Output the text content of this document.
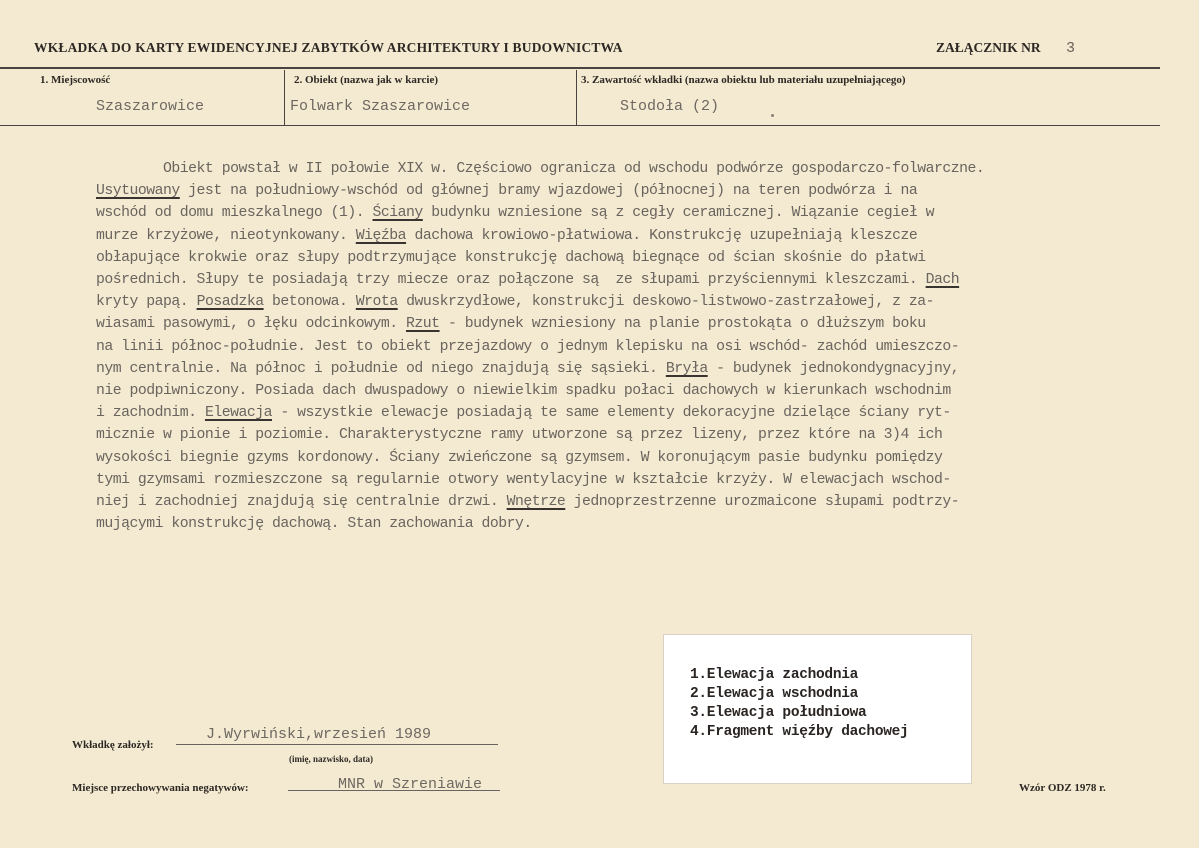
WKŁADKA DO KARTY EWIDENCYJNEJ ZABYTKÓW ARCHITEKTURY I BUDOWNICTWA	ZAŁĄCZNIK NR 3
1. Miejscowość
Szaszarowice
2. Obiekt (nazwa jak w karcie)
Folwark Szaszarowice
3. Zawartość wkładki (nazwa obiektu lub materiału uzupełniającego)
Stodoła (2)
Obiekt powstał w II połowie XIX w. Częściowo ogranicza od wschodu podwórze gospodarczo-folwarczne.
Usytuowany jest na południowy-wschód od głównej bramy wjazdowej (północnej) na teren podwórza i na
wschód od domu mieszkalnego (1). Ściany budynku wzniesione są z cegły ceramicznej. Wiązanie cegieł w
murze krzyżowe, nieotynkowany. Więźba dachowa krowiowo-płatwiowa. Konstrukcję uzupełniają kleszcze
obłapujące krokwie oraz słupy podtrzymujące konstrukcję dachową biegnące od ścian skośnie do płatwi
pośrednich. Słupy te posiadają trzy miecze oraz połączone są  ze słupami przyściennymi kleszczami. Dach
kryty papą. Posadzka betonowa. Wrota dwuskrzydłowe, konstrukcji deskowo-listwowo-zastrzałowej, z za-
wiasami pasowymi, o łęku odcinkowym. Rzut - budynek wzniesiony na planie prostokąta o dłuższym boku
na linii północ-południe. Jest to obiekt przejazdowy o jednym klepisku na osi wschód- zachód umieszczo-
nym centralnie. Na północ i południe od niego znajdują się sąsieki. Bryła - budynek jednokondygnacyjny,
nie podpiwniczony. Posiada dach dwuspadowy o niewielkim spadku połaci dachowych w kierunkach wschodnim
i zachodnim. Elewacja - wszystkie elewacje posiadają te same elementy dekoracyjne dzielące ściany ryt-
micznie w pionie i poziomie. Charakterystyczne ramy utworzone są przez lizeny, przez które na 3)4 ich
wysokości biegnie gzyms kordonowy. Ściany zwieńczone są gzymsem. W koronującym pasie budynku pomiędzy
tymi gzymsami rozmieszczone są regularnie otwory wentylacyjne w kształcie krzyży. W elewacjach wschod-
niej i zachodniej znajdują się centralnie drzwi. Wnętrze jednoprzestrzenne urozmaicone słupami podtrzy-
mującymi konstrukcję dachową. Stan zachowania dobry.
1.Elewacja zachodnia
2.Elewacja wschodnia
3.Elewacja południowa
4.Fragment więźby dachowej
Wkładkę założył:
J.Wyrwiński,wrzesień 1989
(imię, nazwisko, data)
Miejsce przechowywania negatywów:	MNR w Szreniawie	Wzór ODZ 1978 r.
